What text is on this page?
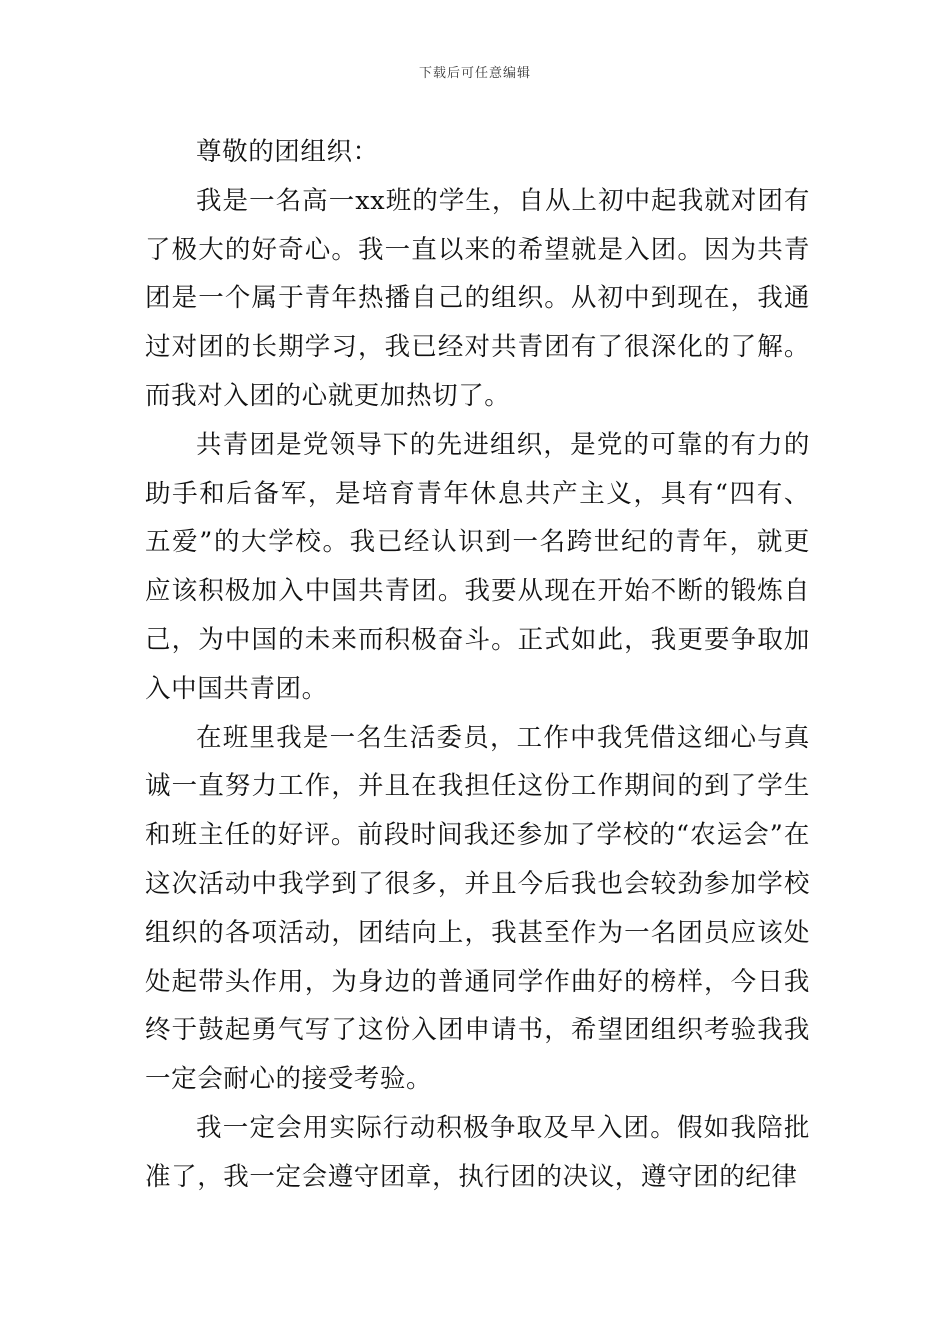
下载后可任意编辑

尊敬的团组织：

我是一名高一xx班的学生，自从上初中起我就对团有了极大的好奇心。我一直以来的希望就是入团。因为共青团是一个属于青年热播自己的组织。从初中到现在，我通过对团的长期学习，我已经对共青团有了很深化的了解。而我对入团的心就更加热切了。

共青团是党领导下的先进组织，是党的可靠的有力的助手和后备军，是培育青年休息共产主义，具有“四有、五爱”的大学校。我已经认识到一名跨世纪的青年，就更应该积极加入中国共青团。我要从现在开始不断的锻炼自己，为中国的未来而积极奋斗。正式如此，我更要争取加入中国共青团。

在班里我是一名生活委员，工作中我凭借这细心与真诚一直努力工作，并且在我担任这份工作期间的到了学生和班主任的好评。前段时间我还参加了学校的“农运会”在这次活动中我学到了很多，并且今后我也会较劲参加学校组织的各项活动，团结向上，我甚至作为一名团员应该处处起带头作用，为身边的普通同学作曲好的榜样，今日我终于鼓起勇气写了这份入团申请书，希望团组织考验我我一定会耐心的接受考验。

我一定会用实际行动积极争取及早入团。假如我陪批准了，我一定会遵守团章，执行团的决议，遵守团的纪律
